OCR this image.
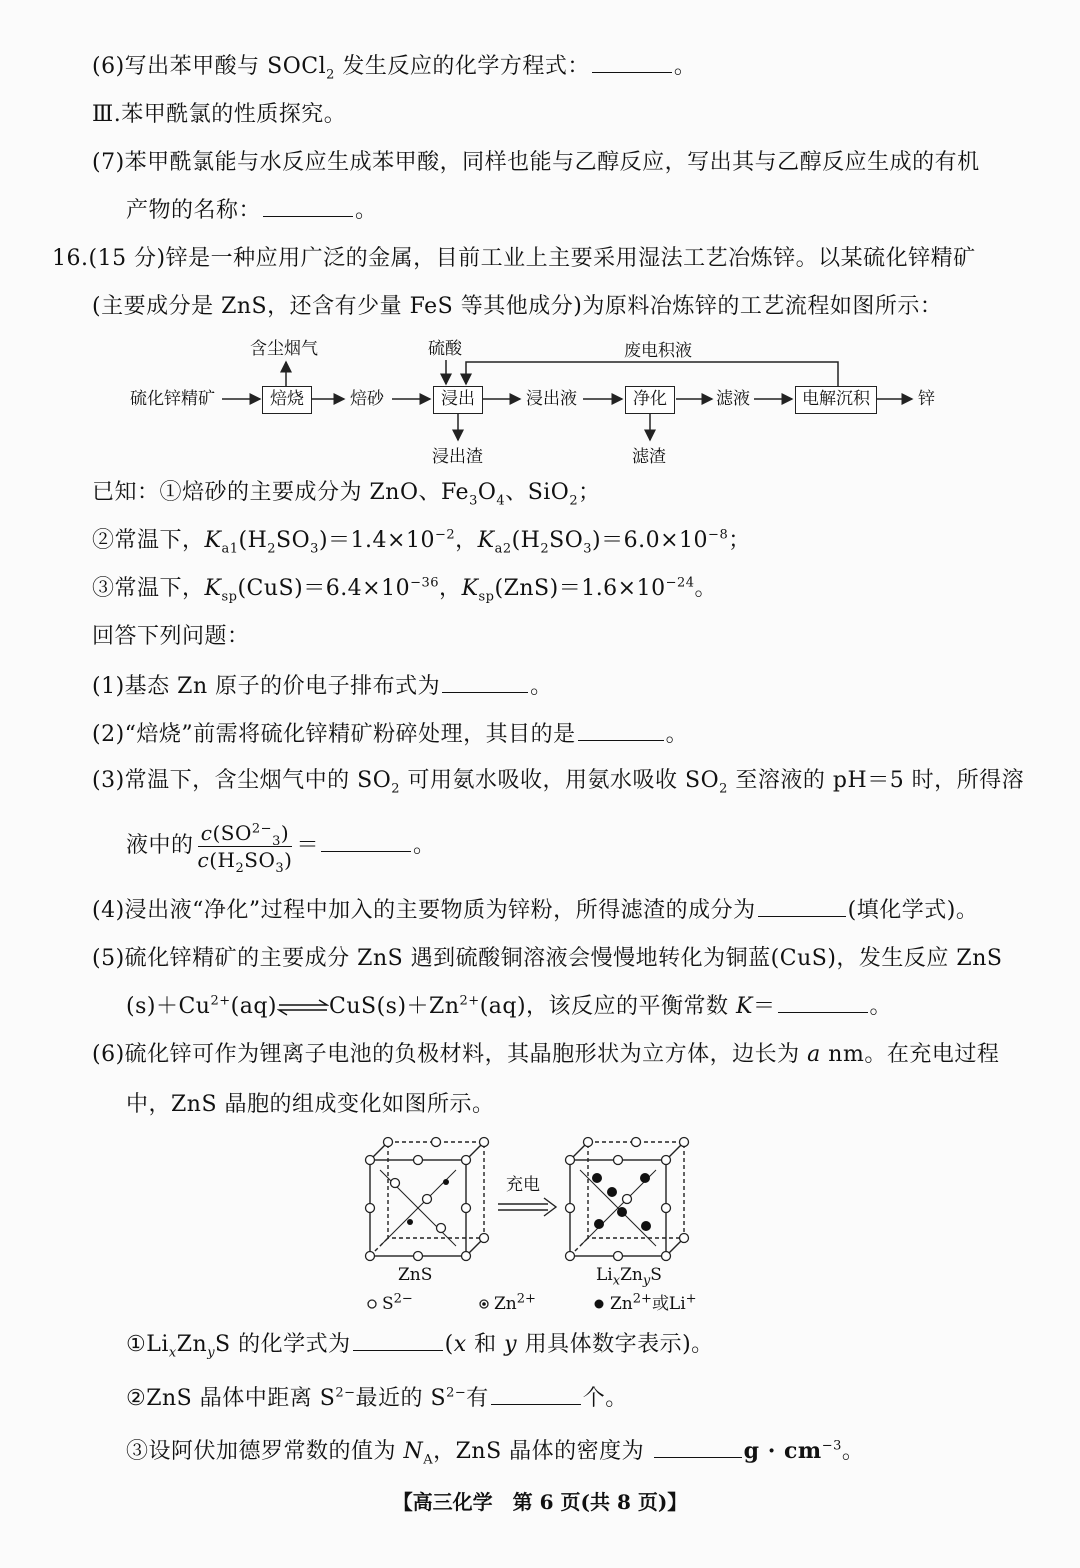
(6)写出苯甲酸与 SOCl$_2$ 发生反应的化学方程式：	。
Ⅲ.苯甲酰氯的性质探究。
(7)苯甲酰氯能与水反应生成苯甲酸，同样也能与乙醇反应，写出其与乙醇反应生成的有机
产物的名称：	。
16.(15 分)锌是一种应用广泛的金属，目前工业上主要采用湿法工艺冶炼锌。以某硫化锌精矿
(主要成分是 ZnS，还含有少量 FeS 等其他成分)为原料冶炼锌的工艺流程如图所示：
硫化锌精矿	焙烧
含尘烟气
焙砂
硫酸
浸出
浸出渣
浸出液	净化
滤渣
滤液	电解沉积	锌
废电积液
已知：①焙砂的主要成分为 ZnO、$Fe_3O_4$、SiO$_2$；
②常温下，$K_{a1}(H_2SO_3)=1.4\times 10^{-2}$，$K_{a2}(H_2SO_3)=6.0\times 10^{-8}$；
③常温下，$K_{sp}(CuS)=6.4\times 10^{-36}$，$K_{sp}(ZnS)=1.6\times 10^{-24}$。
回答下列问题：
(1)基态 Zn 原子的价电子排布式为	。
(2)“焙烧”前需将硫化锌精矿粉碎处理，其目的是	。
(3)常温下，含尘烟气中的 $SO_2$ 可用氨水吸收，用氨水吸收 $SO_2$ 至溶液的 pH＝5 时，所得溶
液中的 $\frac{c(SO^{2-}_3)}{c(H_2SO_3)}$ ＝	。
(4)浸出液“净化”过程中加入的主要物质为锌粉，所得滤渣的成分为	(填化学式)。
(5)硫化锌精矿的主要成分 ZnS 遇到硫酸铜溶液会慢慢地转化为铜蓝(CuS)，发生反应 ZnS
$(s)+Cu^{2+}(aq)\rightleftharpoons CuS(s)+Zn^{2+}(aq)$，该反应的平衡常数 K＝	。
(6)硫化锌可作为锂离子电池的负极材料，其晶胞形状为立方体，边长为 a nm。在充电过程
中，ZnS 晶胞的组成变化如图所示。
ZnS
充电
$Li_xZn_yS$
$S^{2-}$	$Zn^{2+}$	$Zn^{2+}$或Li+
$①Li_xZn_yS$ 的化学式为	(x 和 y 用具体数字表示)。
②ZnS 晶体中距离 $S^{2-}$最近的 $S^{2-}$有	个。
③设阿伏加德罗常数的值为 $N_A$，ZnS 晶体的密度为	$g \cdot cm^{-3}$。
【高三化学　第 6 页(共 8 页)】
